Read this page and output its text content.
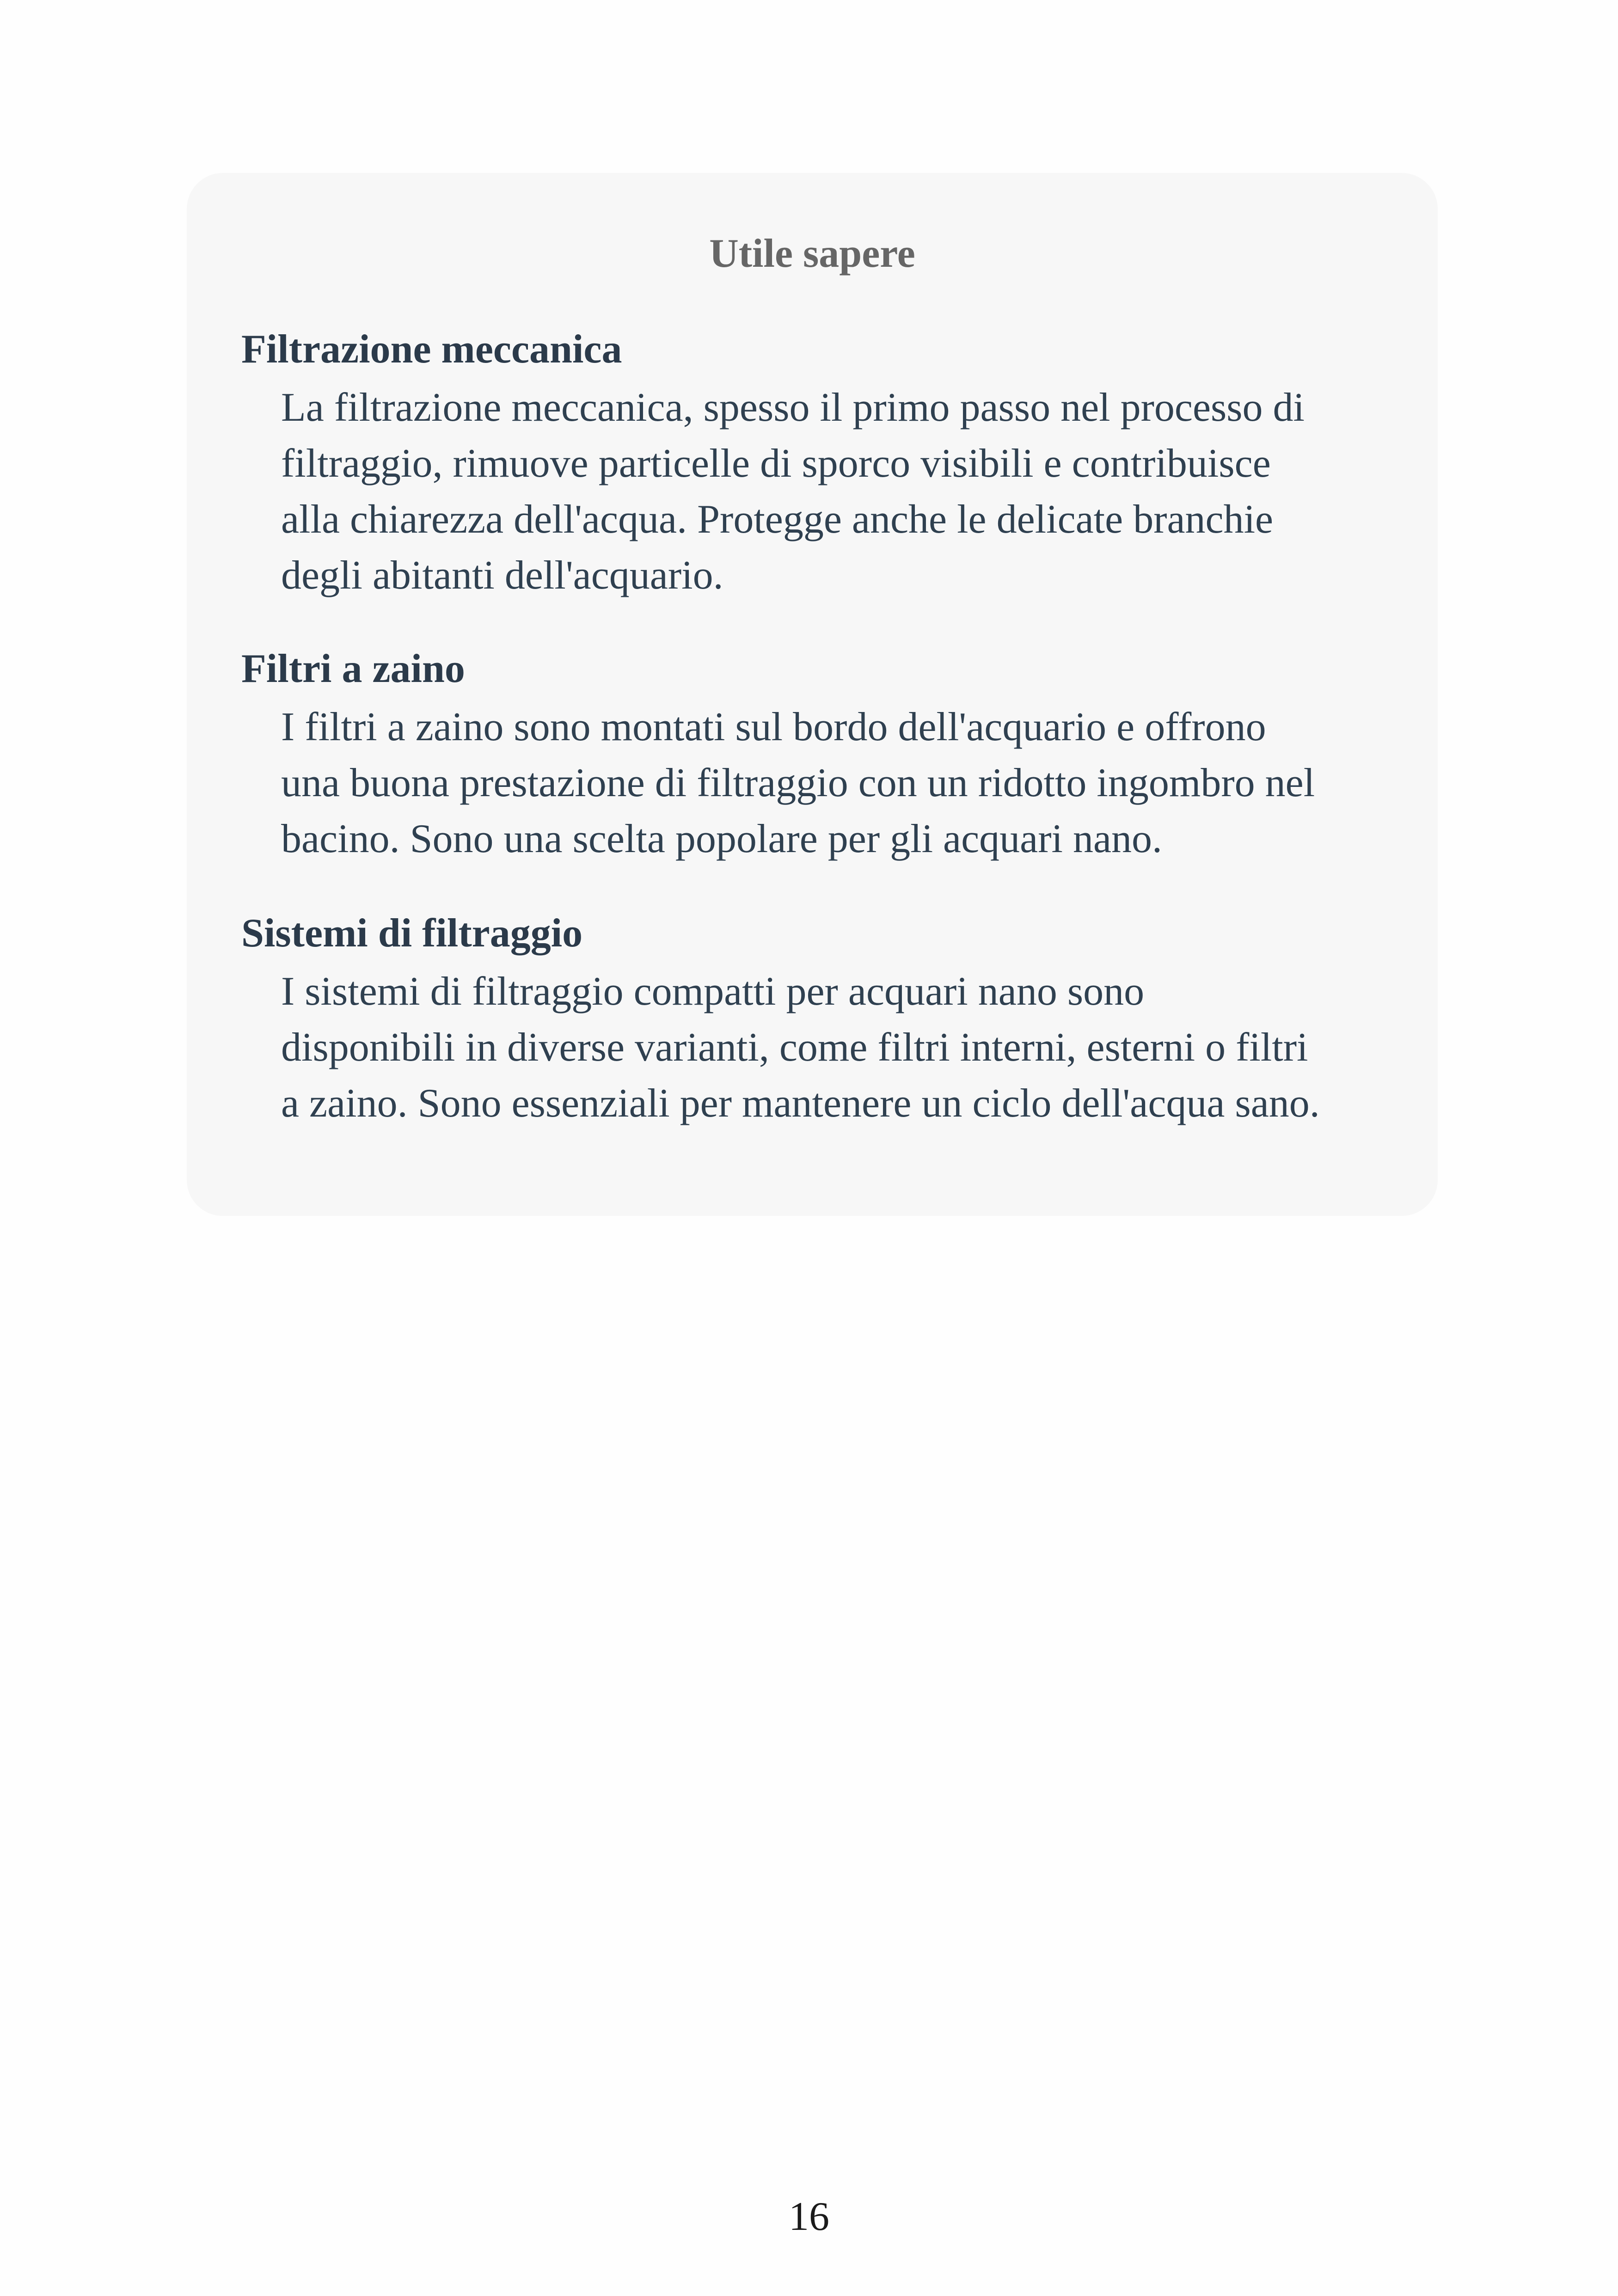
Utile sapere
Filtrazione meccanica
La filtrazione meccanica, spesso il primo passo nel processo di
filtraggio, rimuove particelle di sporco visibili e contribuisce
alla chiarezza dell'acqua. Protegge anche le delicate branchie
degli abitanti dell'acquario.
Filtri a zaino
I filtri a zaino sono montati sul bordo dell'acquario e offrono
una buona prestazione di filtraggio con un ridotto ingombro nel
bacino. Sono una scelta popolare per gli acquari nano.
Sistemi di filtraggio
I sistemi di filtraggio compatti per acquari nano sono
disponibili in diverse varianti, come filtri interni, esterni o filtri
a zaino. Sono essenziali per mantenere un ciclo dell'acqua sano.
16
